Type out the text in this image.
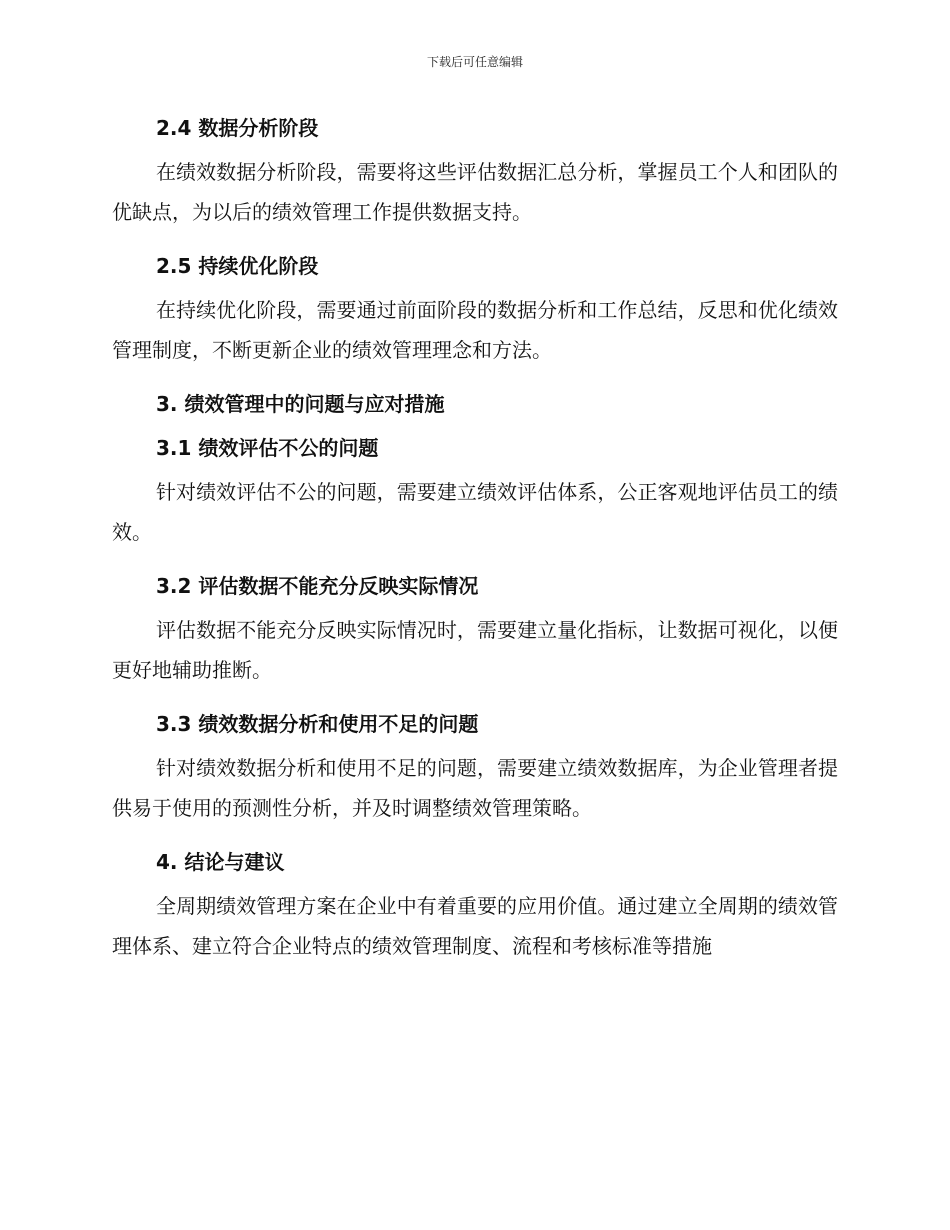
下载后可任意编辑
2.4 数据分析阶段

在绩效数据分析阶段，需要将这些评估数据汇总分析，掌握员工个人和团队的优缺点，为以后的绩效管理工作提供数据支持。

2.5 持续优化阶段

在持续优化阶段，需要通过前面阶段的数据分析和工作总结，反思和优化绩效管理制度，不断更新企业的绩效管理理念和方法。

3. 绩效管理中的问题与应对措施
3.1 绩效评估不公的问题

针对绩效评估不公的问题，需要建立绩效评估体系，公正客观地评估员工的绩效。

3.2 评估数据不能充分反映实际情况

评估数据不能充分反映实际情况时，需要建立量化指标，让数据可视化，以便更好地辅助推断。

3.3 绩效数据分析和使用不足的问题

针对绩效数据分析和使用不足的问题，需要建立绩效数据库，为企业管理者提供易于使用的预测性分析，并及时调整绩效管理策略。

4. 结论与建议

全周期绩效管理方案在企业中有着重要的应用价值。通过建立全周期的绩效管理体系、建立符合企业特点的绩效管理制度、流程和考核标准等措施
